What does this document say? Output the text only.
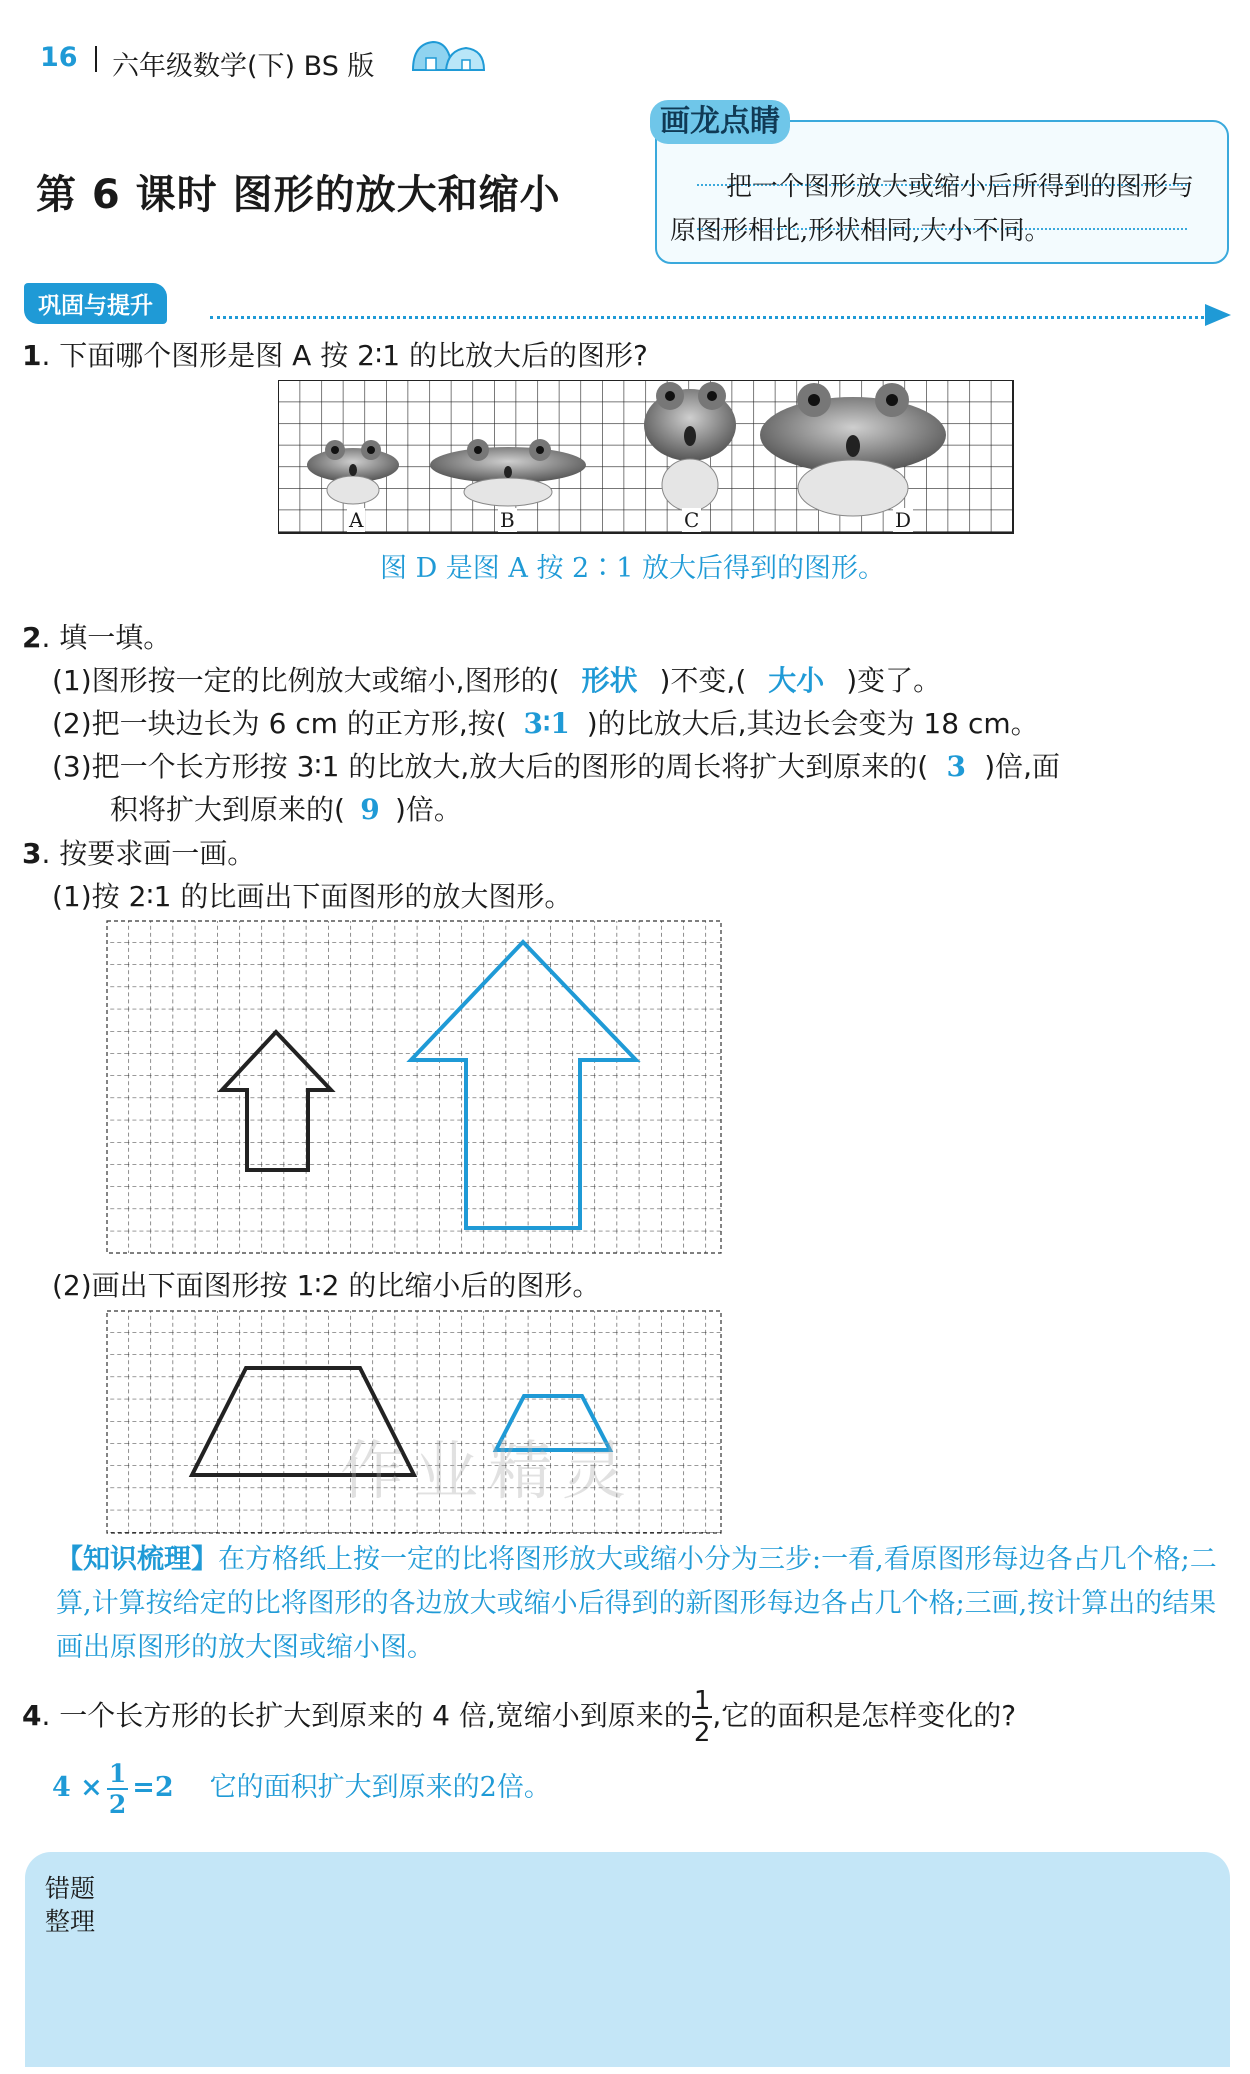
16 六年级数学(下) BS 版
第 6 课时 图形的放大和缩小
画龙点睛
把一个图形放大或缩小后所得到的图形与原图形相比,形状相同,大小不同。
巩固与提升
1. 下面哪个图形是图 A 按 2∶1 的比放大后的图形?
A	B	C	D
图 D 是图 A 按 2∶1 放大后得到的图形。
2. 填一填。
(1)图形按一定的比例放大或缩小,图形的( 形状 )不变,( 大小 )变了。
(2)把一块边长为 6 cm 的正方形,按( 3∶1 )的比放大后,其边长会变为 18 cm。
(3)把一个长方形按 3∶1 的比放大,放大后的图形的周长将扩大到原来的( 3 )倍,面
积将扩大到原来的( 9 )倍。
3. 按要求画一画。
(1)按 2∶1 的比画出下面图形的放大图形。
(2)画出下面图形按 1∶2 的比缩小后的图形。
作业精灵
【知识梳理】在方格纸上按一定的比将图形放大或缩小分为三步:一看,看原图形每边各占几个格;二算,计算按给定的比将图形的各边放大或缩小后得到的新图形每边各占几个格;三画,按计算出的结果画出原图形的放大图或缩小图。
4. 一个长方形的长扩大到原来的 4 倍,宽缩小到原来的 $\frac{1}{2}$ ,它的面积是怎样变化的?
$4 \times \frac{1}{2} =2$ 它的面积扩大到原来的2倍。
错题
整理
